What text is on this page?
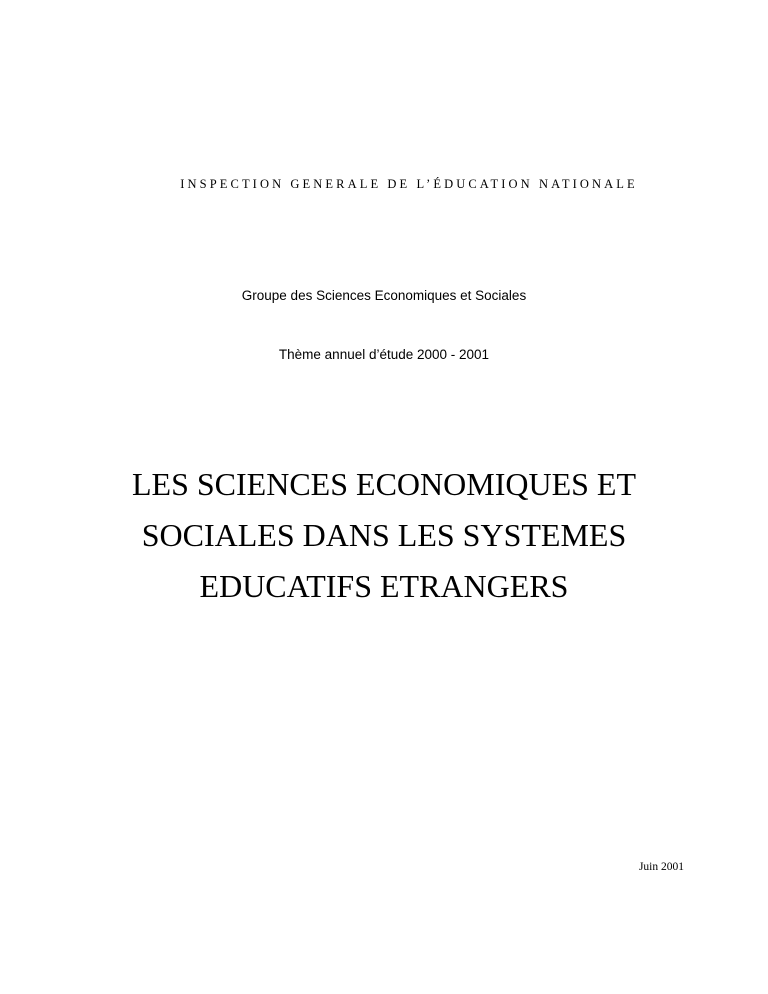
INSPECTION GENERALE DE L’ÉDUCATION NATIONALE
Groupe des Sciences Economiques et Sociales
Thème annuel d’étude 2000 - 2001
LES SCIENCES ECONOMIQUES ET
SOCIALES DANS LES SYSTEMES
EDUCATIFS ETRANGERS
Juin 2001
